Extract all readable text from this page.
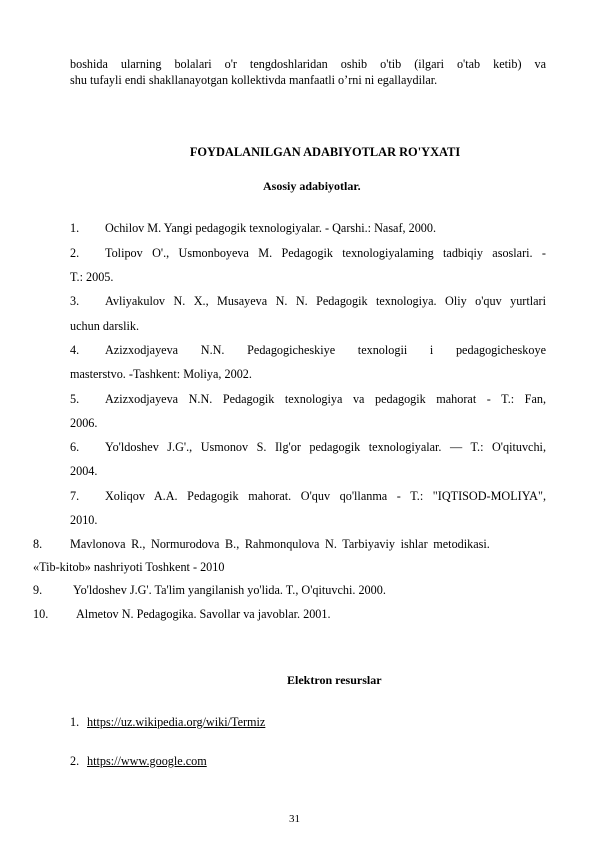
boshida ularning bolalari o'r tengdoshlaridan oshib o'tib (ilgari o'tab ketib) va
shu tufayli endi shakllanayotgan kollektivda manfaatli o’rni ni egallaydilar.
FOYDALANILGAN ADABIYOTLAR RO'YXATI
Asosiy adabiyotlar.
1. Ochilov M. Yangi pedagogik texnologiyalar. - Qarshi.: Nasaf, 2000.
2. Tolipov O'., Usmonboyeva M. Pedagogik texnologiyalaming tadbiqiy asoslari. -
T.: 2005.
3. Avliyakulov N. X., Musayeva N. N. Pedagogik texnologiya. Oliy o'quv yurtlari
uchun darslik.
4. Azizxodjayeva N.N. Pedagogicheskiye texnologii i pedagogicheskoye
masterstvo. -Tashkent: Moliya, 2002.
5. Azizxodjayeva N.N. Pedagogik texnologiya va pedagogik mahorat - T.: Fan,
2006.
6. Yo'ldoshev J.G'., Usmonov S. Ilg'or pedagogik texnologiyalar. — T.: O'qituvchi,
2004.
7. Xoliqov A.A. Pedagogik mahorat. O'quv qo'llanma - T.: "IQTISOD-MOLIYA",
2010.
8. Mavlonova R., Normurodova B., Rahmonqulova N. Tarbiyaviy ishlar metodikasi.
«Tib-kitob» nashriyoti Toshkent - 2010
9.	Yo'ldoshev J.G'. Ta'lim yangilanish yo'lida. T., O'qituvchi. 2000.
10. Almetov N. Pedagogika. Savollar va javoblar. 2001.
Elektron resurslar
1. https://uz.wikipedia.org/wiki/Termiz
2. https://www.google.com
31
